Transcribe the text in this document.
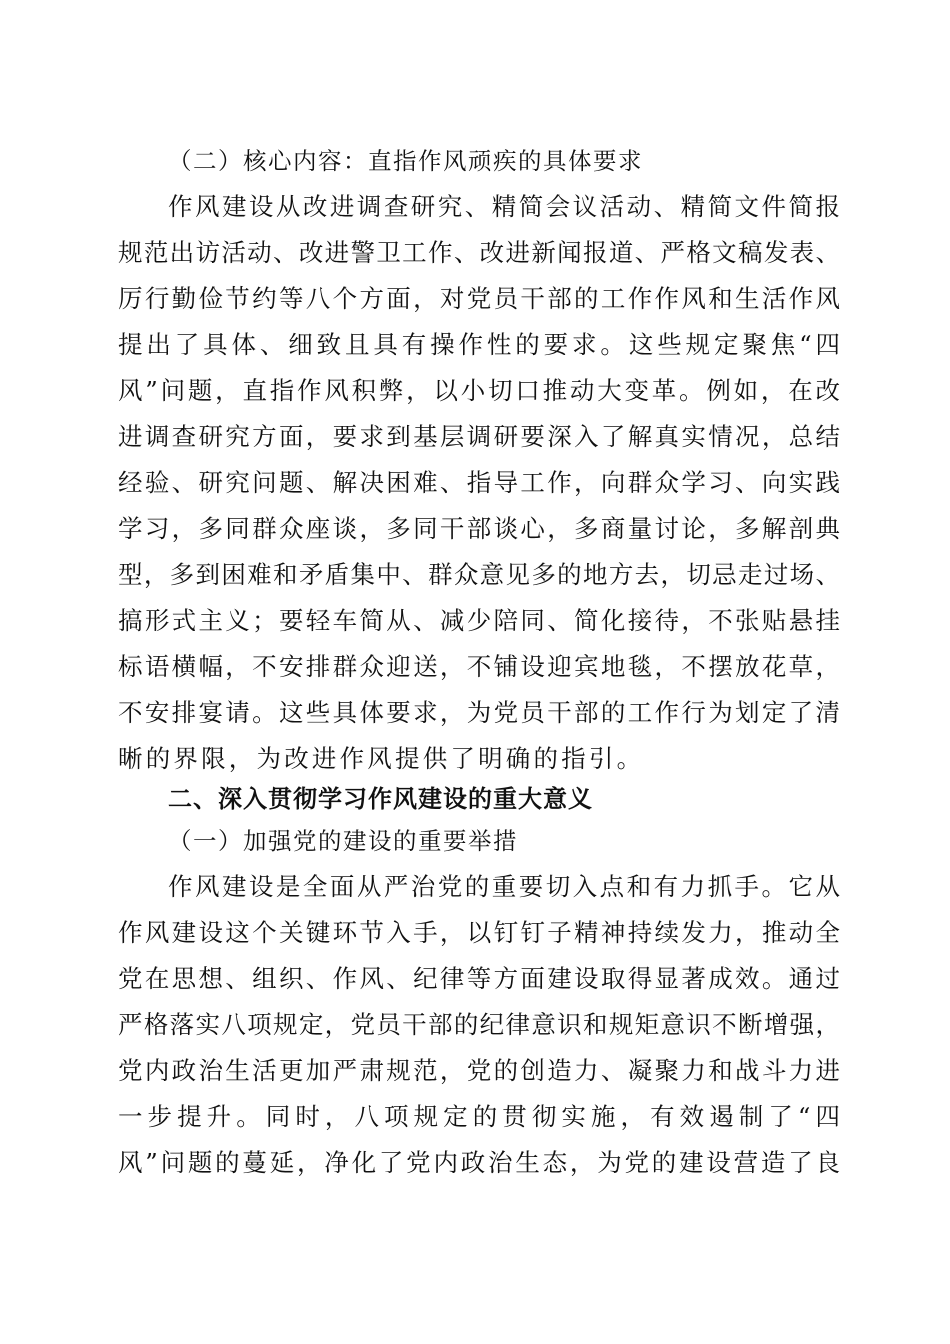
（二）核心内容：直指作风顽疾的具体要求
作风建设从改进调查研究、精简会议活动、精简文件简报
规范出访活动、改进警卫工作、改进新闻报道、严格文稿发表、
厉行勤俭节约等八个方面，对党员干部的工作作风和生活作风
提出了具体、细致且具有操作性的要求。这些规定聚焦“四
风”问题，直指作风积弊，以小切口推动大变革。例如，在改
进调查研究方面，要求到基层调研要深入了解真实情况，总结
经验、研究问题、解决困难、指导工作，向群众学习、向实践
学习，多同群众座谈，多同干部谈心，多商量讨论，多解剖典
型，多到困难和矛盾集中、群众意见多的地方去，切忌走过场、
搞形式主义；要轻车简从、减少陪同、简化接待，不张贴悬挂
标语横幅，不安排群众迎送，不铺设迎宾地毯，不摆放花草，
不安排宴请。这些具体要求，为党员干部的工作行为划定了清
晰的界限，为改进作风提供了明确的指引。
二、深入贯彻学习作风建设的重大意义
（一）加强党的建设的重要举措
作风建设是全面从严治党的重要切入点和有力抓手。它从
作风建设这个关键环节入手，以钉钉子精神持续发力，推动全
党在思想、组织、作风、纪律等方面建设取得显著成效。通过
严格落实八项规定，党员干部的纪律意识和规矩意识不断增强，
党内政治生活更加严肃规范，党的创造力、凝聚力和战斗力进
一步提升。同时，八项规定的贯彻实施，有效遏制了“四
风”问题的蔓延，净化了党内政治生态，为党的建设营造了良
